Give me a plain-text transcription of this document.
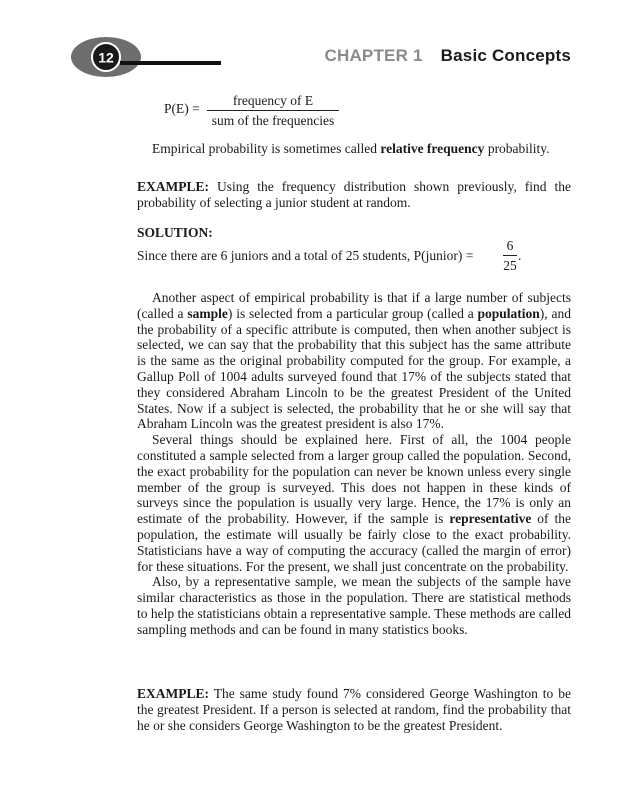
12	CHAPTER 1 Basic Concepts
P(E) =
frequency of E
sum of the frequencies

Empirical probability is sometimes called relative frequency probability.

EXAMPLE: Using the frequency distribution shown previously, find the probability of selecting a junior student at random.

SOLUTION:

Since there are 6 juniors and a total of 25 students, P(junior) =
6
25
.

Another aspect of empirical probability is that if a large number of subjects (called a sample) is selected from a particular group (called a population), and the probability of a specific attribute is computed, then when another subject is selected, we can say that the probability that this subject has the same attribute is the same as the original probability computed for the group. For example, a Gallup Poll of 1004 adults surveyed found that 17% of the subjects stated that they considered Abraham Lincoln to be the greatest President of the United States. Now if a subject is selected, the probability that he or she will say that Abraham Lincoln was the greatest president is also 17%.

Several things should be explained here. First of all, the 1004 people constituted a sample selected from a larger group called the population. Second, the exact probability for the population can never be known unless every single member of the group is surveyed. This does not happen in these kinds of surveys since the population is usually very large. Hence, the 17% is only an estimate of the probability. However, if the sample is representative of the population, the estimate will usually be fairly close to the exact probability. Statisticians have a way of computing the accuracy (called the margin of error) for these situations. For the present, we shall just concentrate on the probability.

Also, by a representative sample, we mean the subjects of the sample have similar characteristics as those in the population. There are statistical methods to help the statisticians obtain a representative sample. These methods are called sampling methods and can be found in many statistics books.

EXAMPLE: The same study found 7% considered George Washington to be the greatest President. If a person is selected at random, find the probability that he or she considers George Washington to be the greatest President.
